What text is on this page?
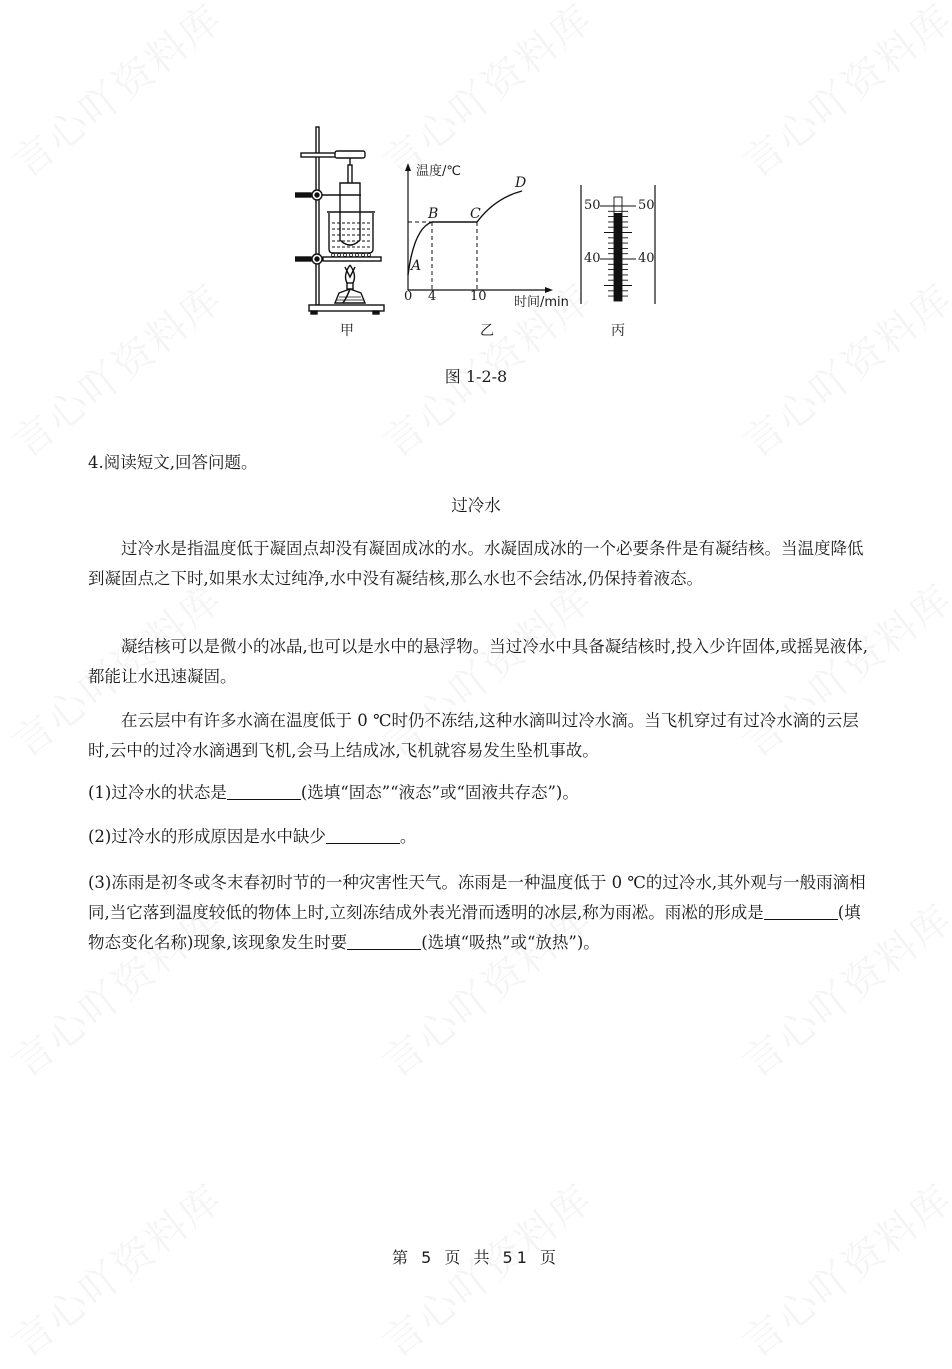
甲
温度/℃
时间/min
0 4	10
A
B C
D
乙
50	50
40	40
丙
图 1-2-8

4.阅读短文,回答问题。

过冷水

过冷水是指温度低于凝固点却没有凝固成冰的水。水凝固成冰的一个必要条件是有凝结核。当温度降低到凝固点之下时,如果水太过纯净,水中没有凝结核,那么水也不会结冰,仍保持着液态。

凝结核可以是微小的冰晶,也可以是水中的悬浮物。当过冷水中具备凝结核时,投入少许固体,或摇晃液体,都能让水迅速凝固。

在云层中有许多水滴在温度低于 0 ℃时仍不冻结,这种水滴叫过冷水滴。当飞机穿过有过冷水滴的云层时,云中的过冷水滴遇到飞机,会马上结成冰,飞机就容易发生坠机事故。

(1)过冷水的状态是	(选填“固态”“液态”或“固液共存态”)。

(2)过冷水的形成原因是水中缺少	。

(3)冻雨是初冬或冬末春初时节的一种灾害性天气。冻雨是一种温度低于 0 ℃的过冷水,其外观与一般雨滴相同,当它落到温度较低的物体上时,立刻冻结成外表光滑而透明的冰层,称为雨凇。雨凇的形成是	(填物态变化名称)现象,该现象发生时要	(选填“吸热”或“放热”)。

第 5 页 共 51 页
